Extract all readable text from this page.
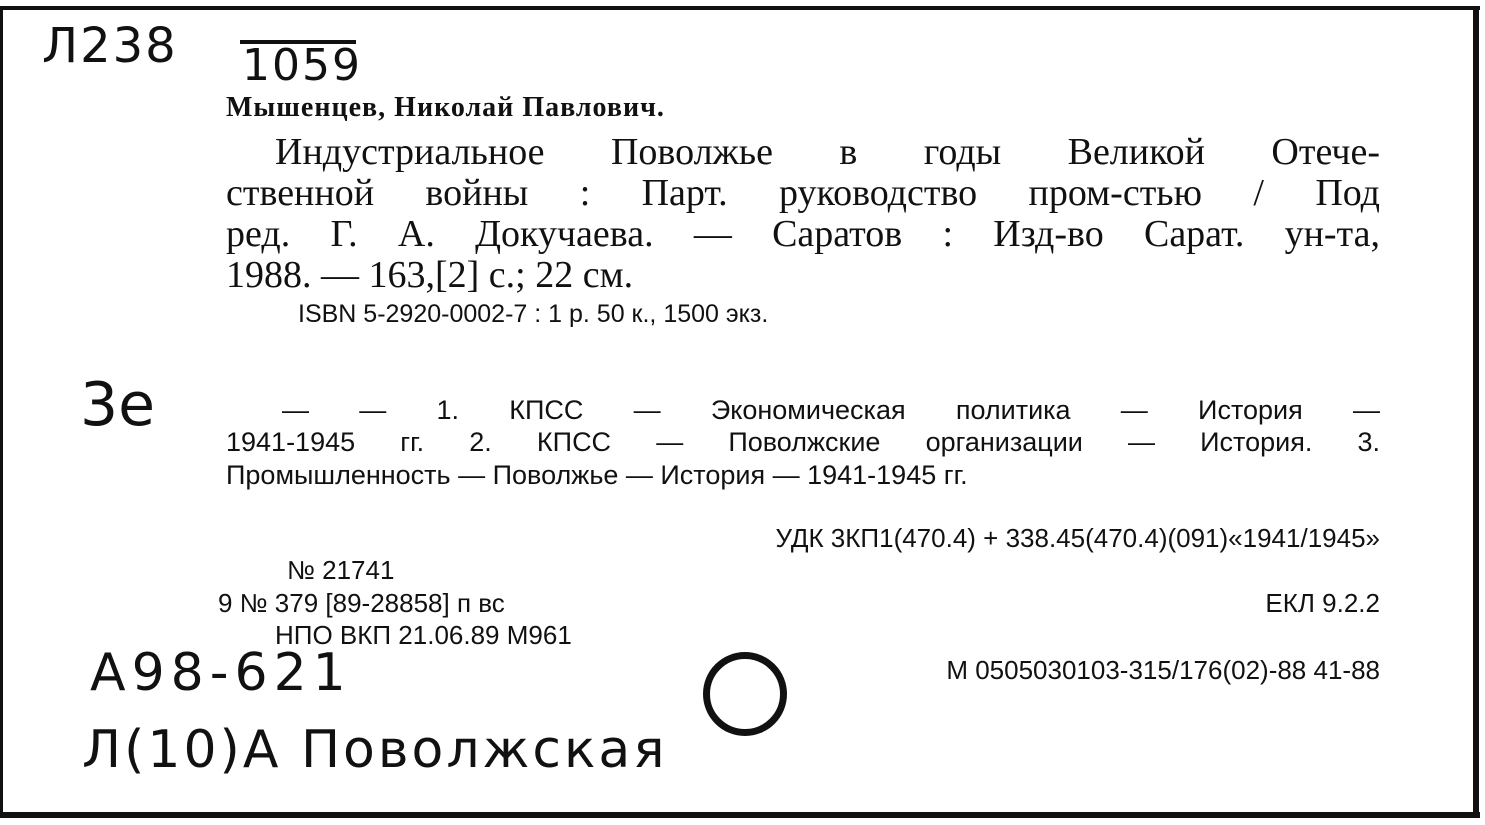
Л238 1059
3е
А98-621
Л(10)А Поволжская
Мышенцев, Николай Павлович.
Индустриальное Поволжье в годы Великой Отече-
ственной войны : Парт. руководство пром-стью / Под
ред. Г. А. Докучаева. — Саратов : Изд-во Сарат. ун-та,
1988. — 163,[2] с.; 22 см.
ISBN 5-2920-0002-7 : 1 р. 50 к., 1500 экз.
— — 1. КПСС — Экономическая политика — История —
1941-1945 гг. 2. КПСС — Поволжские организации — История. 3.
Промышленность — Поволжье — История — 1941-1945 гг.
УДК 3КП1(470.4) + 338.45(470.4)(091)«1941/1945»
№ 21741
9 № 379 [89-28858] п вс	ЕКЛ 9.2.2
НПО ВКП 21.06.89 М961
М 0505030103-315/176(02)-88 41-88
